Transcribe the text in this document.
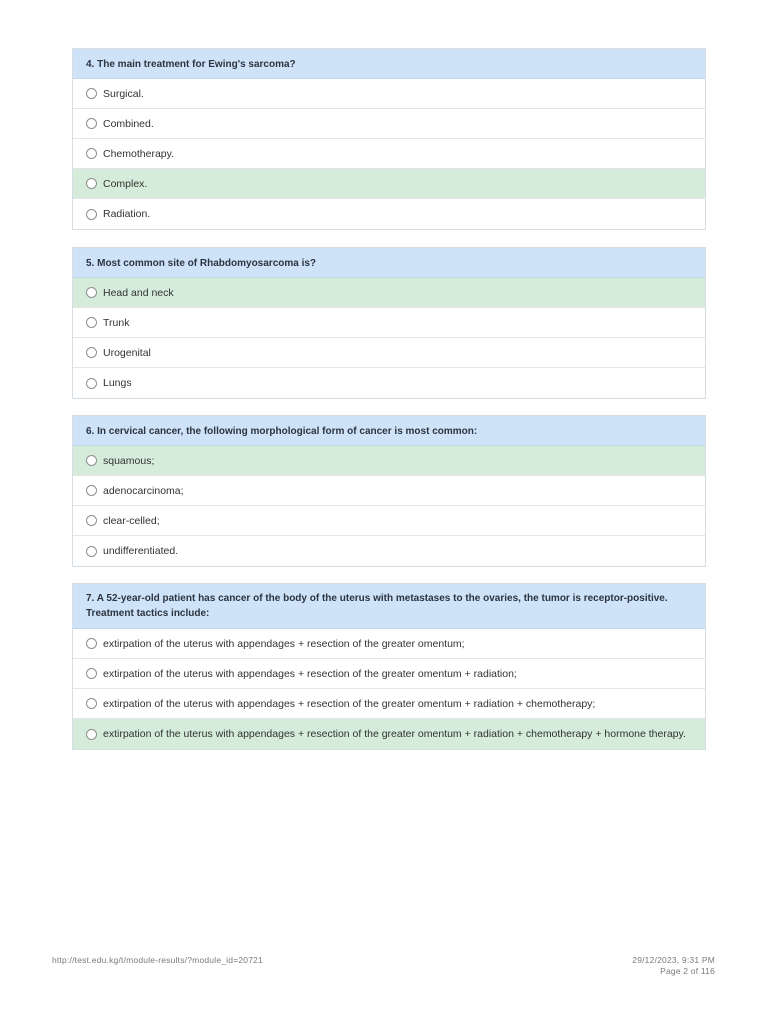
4. The main treatment for Ewing's sarcoma?
Surgical.
Combined.
Chemotherapy.
Complex.
Radiation.
5. Most common site of Rhabdomyosarcoma is?
Head and neck
Trunk
Urogenital
Lungs
6. In cervical cancer, the following morphological form of cancer is most common:
squamous;
adenocarcinoma;
clear-celled;
undifferentiated.
7. A 52-year-old patient has cancer of the body of the uterus with metastases to the ovaries, the tumor is receptor-positive. Treatment tactics include:
extirpation of the uterus with appendages + resection of the greater omentum;
extirpation of the uterus with appendages + resection of the greater omentum + radiation;
extirpation of the uterus with appendages + resection of the greater omentum + radiation + chemotherapy;
extirpation of the uterus with appendages + resection of the greater omentum + radiation + chemotherapy + hormone therapy.
http://test.edu.kg/t/module-results/?module_id=20721	29/12/2023, 9:31 PM
Page 2 of 116
